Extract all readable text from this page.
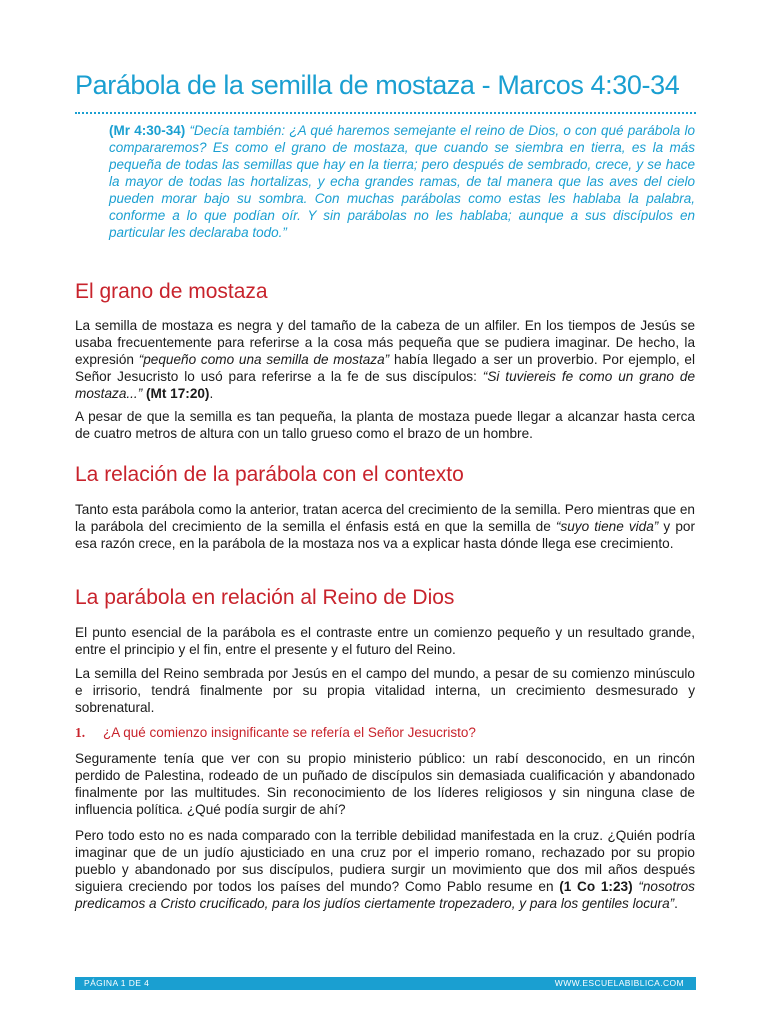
Parábola de la semilla de mostaza - Marcos 4:30-34

(Mr 4:30-34) “Decía también: ¿A qué haremos semejante el reino de Dios, o con qué parábola lo compararemos? Es como el grano de mostaza, que cuando se siembra en tierra, es la más pequeña de todas las semillas que hay en la tierra; pero después de sembrado, crece, y se hace la mayor de todas las hortalizas, y echa grandes ramas, de tal manera que las aves del cielo pueden morar bajo su sombra. Con muchas parábolas como estas les hablaba la palabra, conforme a lo que podían oír. Y sin parábolas no les hablaba; aunque a sus discípulos en particular les declaraba todo.”

El grano de mostaza

La semilla de mostaza es negra y del tamaño de la cabeza de un alfiler. En los tiempos de Jesús se usaba frecuentemente para referirse a la cosa más pequeña que se pudiera imaginar. De hecho, la expresión “pequeño como una semilla de mostaza” había llegado a ser un proverbio. Por ejemplo, el Señor Jesucristo lo usó para referirse a la fe de sus discípulos: “Si tuviereis fe como un grano de mostaza...” (Mt 17:20).

A pesar de que la semilla es tan pequeña, la planta de mostaza puede llegar a alcanzar hasta cerca de cuatro metros de altura con un tallo grueso como el brazo de un hombre.

La relación de la parábola con el contexto

Tanto esta parábola como la anterior, tratan acerca del crecimiento de la semilla. Pero mientras que en la parábola del crecimiento de la semilla el énfasis está en que la semilla de “suyo tiene vida” y por esa razón crece, en la parábola de la mostaza nos va a explicar hasta dónde llega ese crecimiento.

La parábola en relación al Reino de Dios

El punto esencial de la parábola es el contraste entre un comienzo pequeño y un resultado grande, entre el principio y el fin, entre el presente y el futuro del Reino.

La semilla del Reino sembrada por Jesús en el campo del mundo, a pesar de su comienzo minúsculo e irrisorio, tendrá finalmente por su propia vitalidad interna, un crecimiento desmesurado y sobrenatural.

1. ¿A qué comienzo insignificante se refería el Señor Jesucristo?

Seguramente tenía que ver con su propio ministerio público: un rabí desconocido, en un rincón perdido de Palestina, rodeado de un puñado de discípulos sin demasiada cualificación y abandonado finalmente por las multitudes. Sin reconocimiento de los líderes religiosos y sin ninguna clase de influencia política. ¿Qué podía surgir de ahí?

Pero todo esto no es nada comparado con la terrible debilidad manifestada en la cruz. ¿Quién podría imaginar que de un judío ajusticiado en una cruz por el imperio romano, rechazado por su propio pueblo y abandonado por sus discípulos, pudiera surgir un movimiento que dos mil años después siguiera creciendo por todos los países del mundo? Como Pablo resume en (1 Co 1:23) “nosotros predicamos a Cristo crucificado, para los judíos ciertamente tropezadero, y para los gentiles locura”.

PÁGINA 1 DE 4	WWW.ESCUELABIBLICA.COM
